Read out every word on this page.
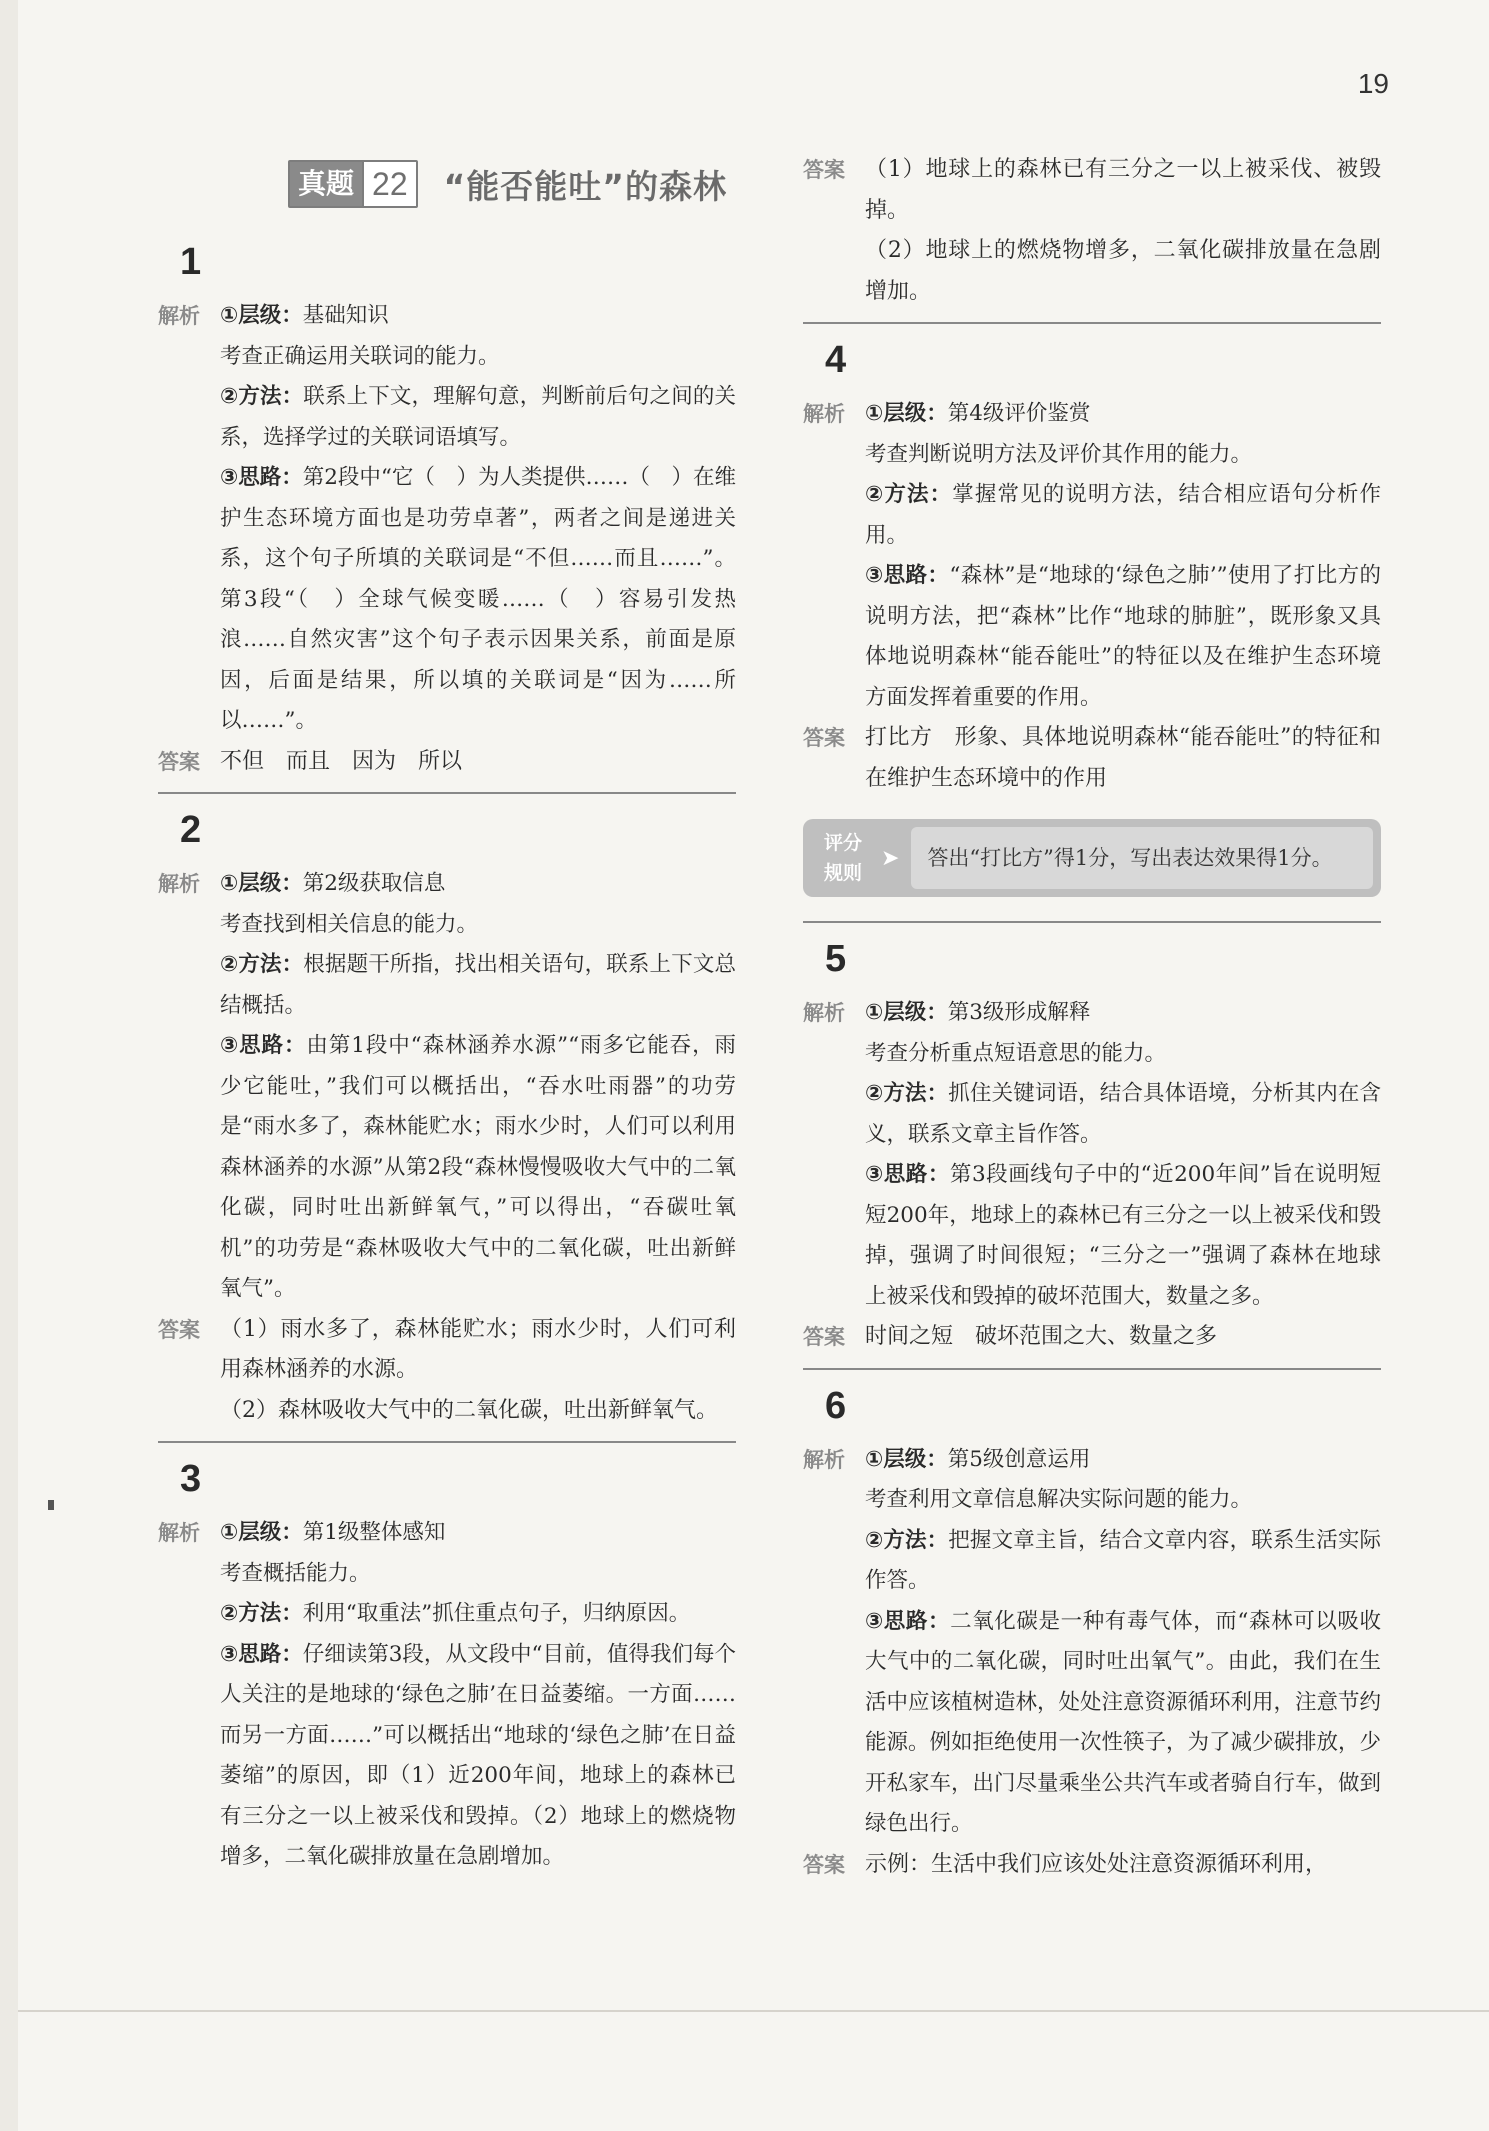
19
真题 22 “能否能吐”的森林
1
解析 ①层级：基础知识

考查正确运用关联词的能力。

②方法：联系上下文，理解句意，判断前后句之间的关系，选择学过的关联词语填写。

③思路：第2段中“它（　）为人类提供……（　）在维护生态环境方面也是功劳卓著”，两者之间是递进关系，这个句子所填的关联词是“不但……而且……”。第3段“（　）全球气候变暖……（　）容易引发热浪……自然灾害”这个句子表示因果关系，前面是原因，后面是结果，所以填的关联词是“因为……所以……”。

答案 不但　而且　因为　所以
2
解析 ①层级：第2级获取信息

考查找到相关信息的能力。

②方法：根据题干所指，找出相关语句，联系上下文总结概括。

③思路：由第1段中“森林涵养水源”“雨多它能吞，雨少它能吐，”我们可以概括出，“吞水吐雨器”的功劳是“雨水多了，森林能贮水；雨水少时，人们可以利用森林涵养的水源”从第2段“森林慢慢吸收大气中的二氧化碳，同时吐出新鲜氧气，”可以得出，“吞碳吐氧机”的功劳是“森林吸收大气中的二氧化碳，吐出新鲜氧气”。

答案 （1）雨水多了，森林能贮水；雨水少时，人们可利用森林涵养的水源。

（2）森林吸收大气中的二氧化碳，吐出新鲜氧气。

3
解析 ①层级：第1级整体感知

考查概括能力。

②方法：利用“取重法”抓住重点句子，归纳原因。

③思路：仔细读第3段，从文段中“目前，值得我们每个人关注的是地球的‘绿色之肺’在日益萎缩。一方面……而另一方面……”可以概括出“地球的‘绿色之肺’在日益萎缩”的原因，即（1）近200年间，地球上的森林已有三分之一以上被采伐和毁掉。（2）地球上的燃烧物增多，二氧化碳排放量在急剧增加。

答案 （1）地球上的森林已有三分之一以上被采伐、被毁掉。

（2）地球上的燃烧物增多，二氧化碳排放量在急剧增加。

4
解析 ①层级：第4级评价鉴赏

考查判断说明方法及评价其作用的能力。

②方法：掌握常见的说明方法，结合相应语句分析作用。

③思路：“森林”是“地球的‘绿色之肺’”使用了打比方的说明方法，把“森林”比作“地球的肺脏”，既形象又具体地说明森林“能吞能吐”的特征以及在维护生态环境方面发挥着重要的作用。

答案 打比方　形象、具体地说明森林“能吞能吐”的特征和在维护生态环境中的作用
评分
规则
➤	答出“打比方”得1分，写出表达效果得1分。
5
解析 ①层级：第3级形成解释

考查分析重点短语意思的能力。

②方法：抓住关键词语，结合具体语境，分析其内在含义，联系文章主旨作答。

③思路：第3段画线句子中的“近200年间”旨在说明短短200年，地球上的森林已有三分之一以上被采伐和毁掉，强调了时间很短；“三分之一”强调了森林在地球上被采伐和毁掉的破坏范围大，数量之多。

答案 时间之短　破坏范围之大、数量之多
6
解析 ①层级：第5级创意运用

考查利用文章信息解决实际问题的能力。

②方法：把握文章主旨，结合文章内容，联系生活实际作答。

③思路：二氧化碳是一种有毒气体，而“森林可以吸收大气中的二氧化碳，同时吐出氧气”。由此，我们在生活中应该植树造林，处处注意资源循环利用，注意节约能源。例如拒绝使用一次性筷子，为了减少碳排放，少开私家车，出门尽量乘坐公共汽车或者骑自行车，做到绿色出行。

答案 示例：生活中我们应该处处注意资源循环利用，
